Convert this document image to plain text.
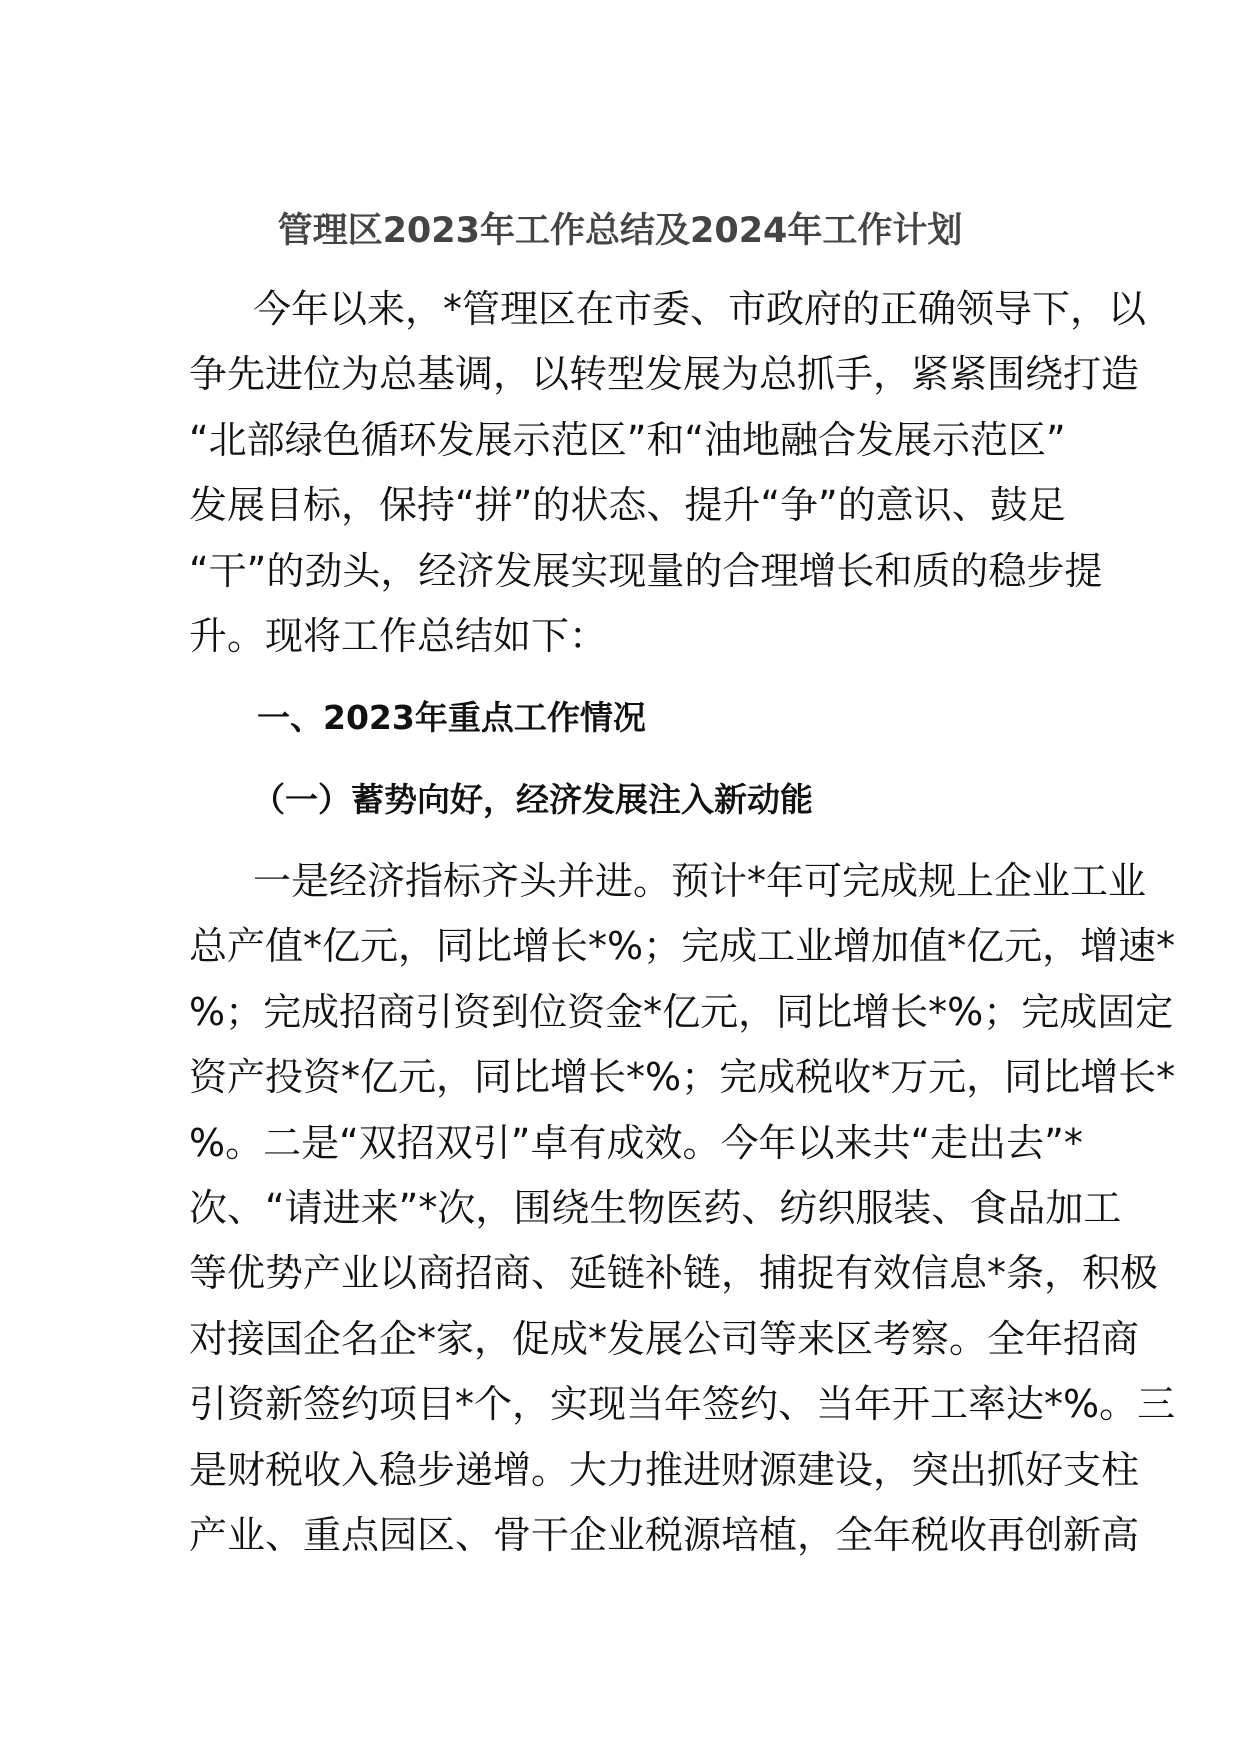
管理区2023年工作总结及2024年工作计划
今年以来，*管理区在市委、市政府的正确领导下，以
争先进位为总基调，以转型发展为总抓手，紧紧围绕打造
“北部绿色循环发展示范区”和“油地融合发展示范区”
发展目标，保持“拼”的状态、提升“争”的意识、鼓足
“干”的劲头，经济发展实现量的合理增长和质的稳步提
升。现将工作总结如下：
一、2023年重点工作情况
（一）蓄势向好，经济发展注入新动能
一是经济指标齐头并进。预计*年可完成规上企业工业
总产值*亿元，同比增长*%；完成工业增加值*亿元，增速*
%；完成招商引资到位资金*亿元，同比增长*%；完成固定
资产投资*亿元，同比增长*%；完成税收*万元，同比增长*
%。二是“双招双引”卓有成效。今年以来共“走出去”*
次、“请进来”*次，围绕生物医药、纺织服装、食品加工
等优势产业以商招商、延链补链，捕捉有效信息*条，积极
对接国企名企*家，促成*发展公司等来区考察。全年招商
引资新签约项目*个，实现当年签约、当年开工率达*%。三
是财税收入稳步递增。大力推进财源建设，突出抓好支柱
产业、重点园区、骨干企业税源培植，全年税收再创新高
